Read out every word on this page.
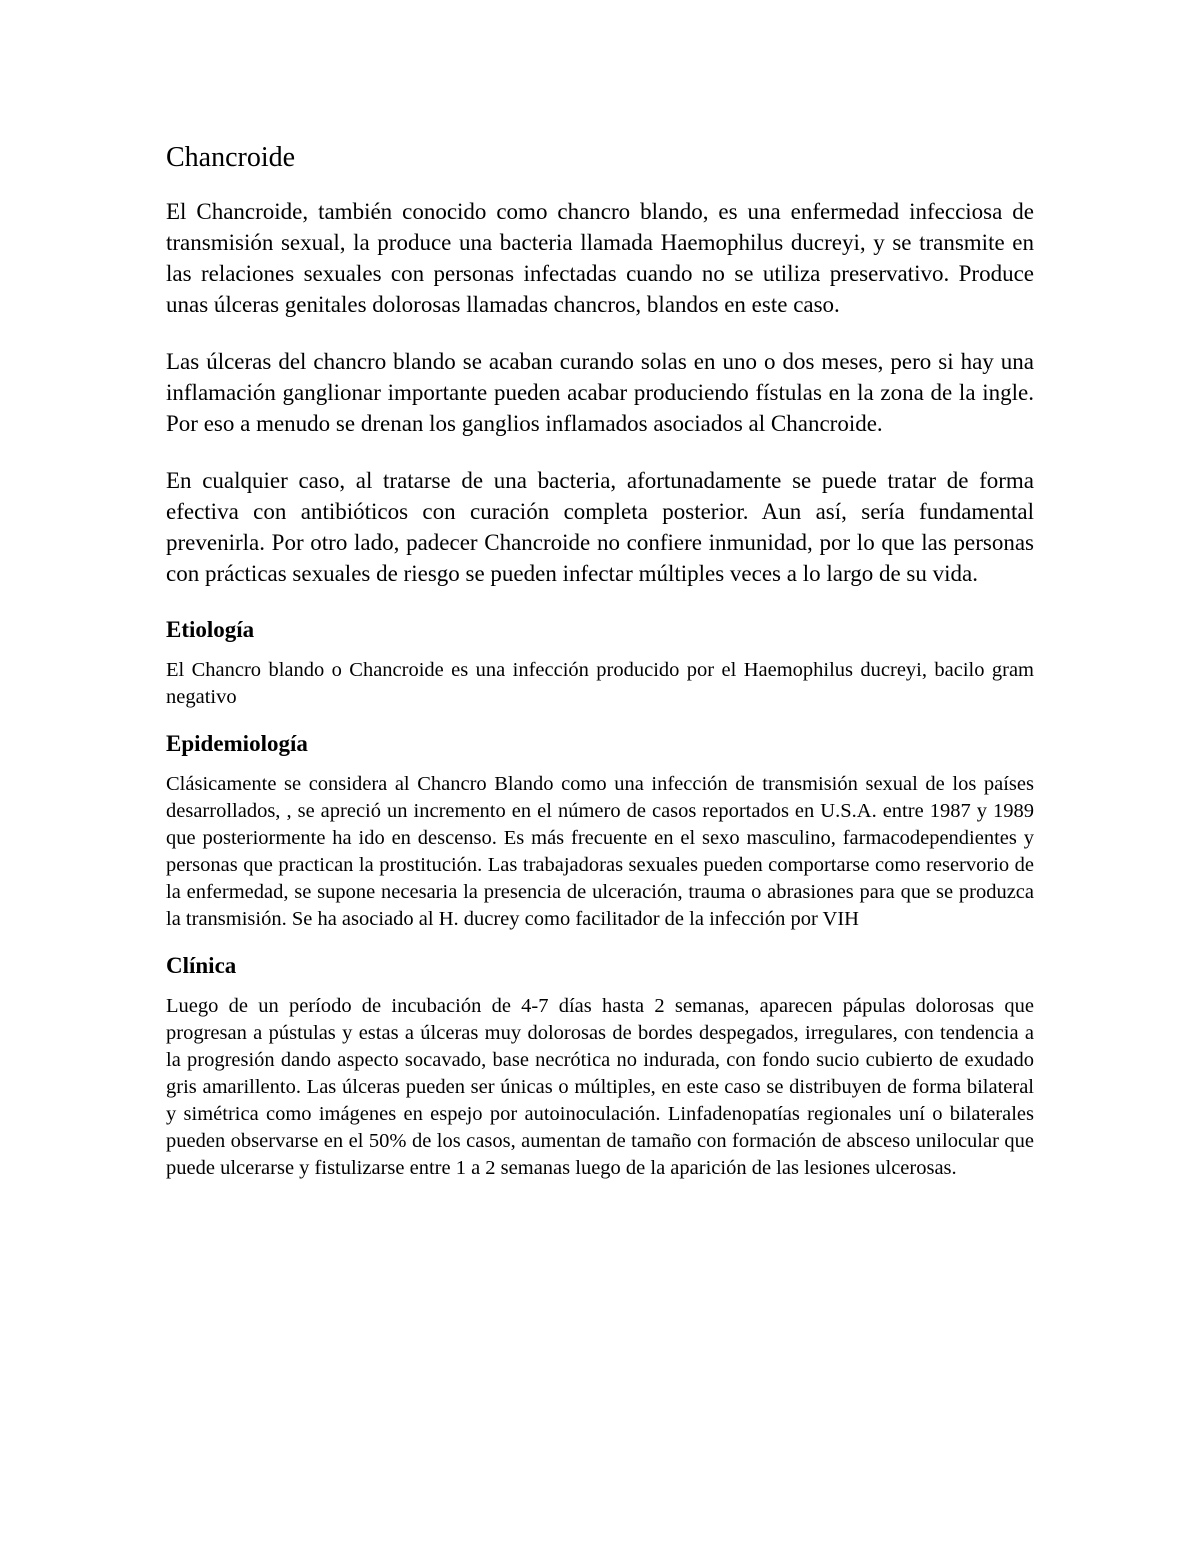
Chancroide

El Chancroide, también conocido como chancro blando, es una enfermedad infecciosa de transmisión sexual, la produce una bacteria llamada Haemophilus ducreyi, y se transmite en las relaciones sexuales con personas infectadas cuando no se utiliza preservativo. Produce unas úlceras genitales dolorosas llamadas chancros, blandos en este caso.

Las úlceras del chancro blando se acaban curando solas en uno o dos meses, pero si hay una inflamación ganglionar importante pueden acabar produciendo fístulas en la zona de la ingle. Por eso a menudo se drenan los ganglios inflamados asociados al Chancroide.

En cualquier caso, al tratarse de una bacteria, afortunadamente se puede tratar de forma efectiva con antibióticos con curación completa posterior. Aun así, sería fundamental prevenirla. Por otro lado, padecer Chancroide no confiere inmunidad, por lo que las personas con prácticas sexuales de riesgo se pueden infectar múltiples veces a lo largo de su vida.

Etiología

El Chancro blando o Chancroide es una infección producido por el Haemophilus ducreyi, bacilo gram negativo

Epidemiología

Clásicamente se considera al Chancro Blando como una infección de transmisión sexual de los países desarrollados, , se apreció un incremento en el número de casos reportados en U.S.A. entre 1987 y 1989 que posteriormente ha ido en descenso. Es más frecuente en el sexo masculino, farmacodependientes y personas que practican la prostitución. Las trabajadoras sexuales pueden comportarse como reservorio de la enfermedad, se supone necesaria la presencia de ulceración, trauma o abrasiones para que se produzca la transmisión. Se ha asociado al H. ducrey como facilitador de la infección por VIH

Clínica

Luego de un período de incubación de 4-7 días hasta 2 semanas, aparecen pápulas dolorosas que progresan a pústulas y estas a úlceras muy dolorosas de bordes despegados, irregulares, con tendencia a la progresión dando aspecto socavado, base necrótica no indurada, con fondo sucio cubierto de exudado gris amarillento. Las úlceras pueden ser únicas o múltiples, en este caso se distribuyen de forma bilateral y simétrica como imágenes en espejo por autoinoculación. Linfadenopatías regionales uní o bilaterales pueden observarse en el 50% de los casos, aumentan de tamaño con formación de absceso unilocular que puede ulcerarse y fistulizarse entre 1 a 2 semanas luego de la aparición de las lesiones ulcerosas.
